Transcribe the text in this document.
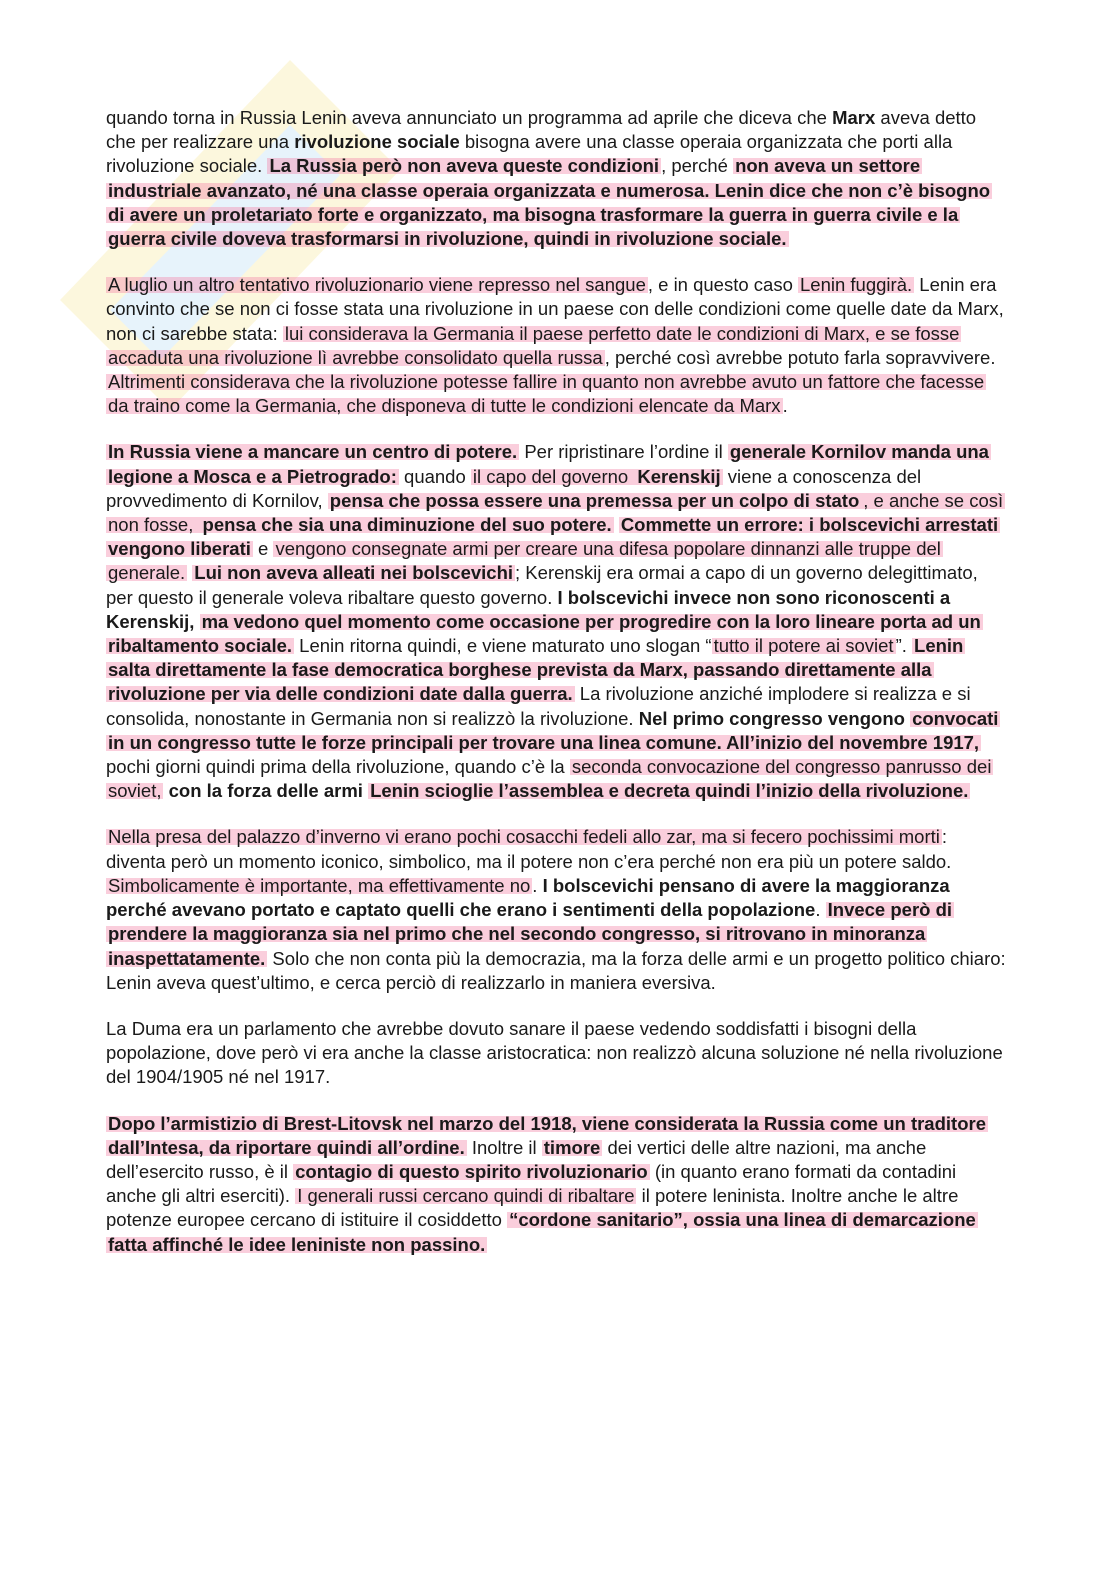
quando torna in Russia Lenin aveva annunciato un programma ad aprile che diceva che Marx aveva detto che per realizzare una rivoluzione sociale bisogna avere una classe operaia organizzata che porti alla rivoluzione sociale. La Russia però non aveva queste condizioni , perché non aveva un settore industriale avanzato, né una classe operaia organizzata e numerosa. Lenin dice che non c’è bisogno di avere un proletariato forte e organizzato, ma bisogna trasformare la guerra in guerra civile e la guerra civile doveva trasformarsi in rivoluzione, quindi in rivoluzione sociale.

A luglio un altro tentativo rivoluzionario viene represso nel sangue , e in questo caso Lenin fuggirà. Lenin era convinto che se non ci fosse stata una rivoluzione in un paese con delle condizioni come quelle date da Marx, non ci sarebbe stata: lui considerava la Germania il paese perfetto date le condizioni di Marx, e se fosse accaduta una rivoluzione lì avrebbe consolidato quella russa , perché così avrebbe potuto farla sopravvivere. Altrimenti considerava che la rivoluzione potesse fallire in quanto non avrebbe avuto un fattore che facesse da traino come la Germania, che disponeva di tutte le condizioni elencate da Marx .

In Russia viene a mancare un centro di potere. Per ripristinare l’ordine il generale Kornilov manda una legione a Mosca e a Pietrogrado: quando il capo del governo Kerenskij viene a conoscenza del provvedimento di Kornilov, pensa che possa essere una premessa per un colpo di stato , e anche se così non fosse, pensa che sia una diminuzione del suo potere. Commette un errore: i bolscevichi arrestati vengono liberati e vengono consegnate armi per creare una difesa popolare dinnanzi alle truppe del generale. Lui non aveva alleati nei bolscevichi ; Kerenskij era ormai a capo di un governo delegittimato, per questo il generale voleva ribaltare questo governo. I bolscevichi invece non sono riconoscenti a Kerenskij, ma vedono quel momento come occasione per progredire con la loro lineare porta ad un ribaltamento sociale. Lenin ritorna quindi, e viene maturato uno slogan “ tutto il potere ai soviet ”. Lenin salta direttamente la fase democratica borghese prevista da Marx, passando direttamente alla rivoluzione per via delle condizioni date dalla guerra. La rivoluzione anziché implodere si realizza e si consolida, nonostante in Germania non si realizzò la rivoluzione. Nel primo congresso vengono convocati in un congresso tutte le forze principali per trovare una linea comune. All’inizio del novembre 1917, pochi giorni quindi prima della rivoluzione, quando c’è la seconda convocazione del congresso panrusso dei soviet, con la forza delle armi Lenin scioglie l’assemblea e decreta quindi l’inizio della rivoluzione.

Nella presa del palazzo d’inverno vi erano pochi cosacchi fedeli allo zar, ma si fecero pochissimi morti : diventa però un momento iconico, simbolico, ma il potere non c’era perché non era più un potere saldo. Simbolicamente è importante, ma effettivamente no . I bolscevichi pensano di avere la maggioranza perché avevano portato e captato quelli che erano i sentimenti della popolazione. Invece però di prendere la maggioranza sia nel primo che nel secondo congresso, si ritrovano in minoranza inaspettatamente. Solo che non conta più la democrazia, ma la forza delle armi e un progetto politico chiaro: Lenin aveva quest’ultimo, e cerca perciò di realizzarlo in maniera eversiva.

La Duma era un parlamento che avrebbe dovuto sanare il paese vedendo soddisfatti i bisogni della popolazione, dove però vi era anche la classe aristocratica: non realizzò alcuna soluzione né nella rivoluzione del 1904/1905 né nel 1917.

Dopo l’armistizio di Brest-Litovsk nel marzo del 1918, viene considerata la Russia come un traditore dall’Intesa, da riportare quindi all’ordine. Inoltre il timore dei vertici delle altre nazioni, ma anche dell’esercito russo, è il contagio di questo spirito rivoluzionario (in quanto erano formati da contadini anche gli altri eserciti). I generali russi cercano quindi di ribaltare il potere leninista. Inoltre anche le altre potenze europee cercano di istituire il cosiddetto “cordone sanitario”, ossia una linea di demarcazione fatta affinché le idee leniniste non passino.
